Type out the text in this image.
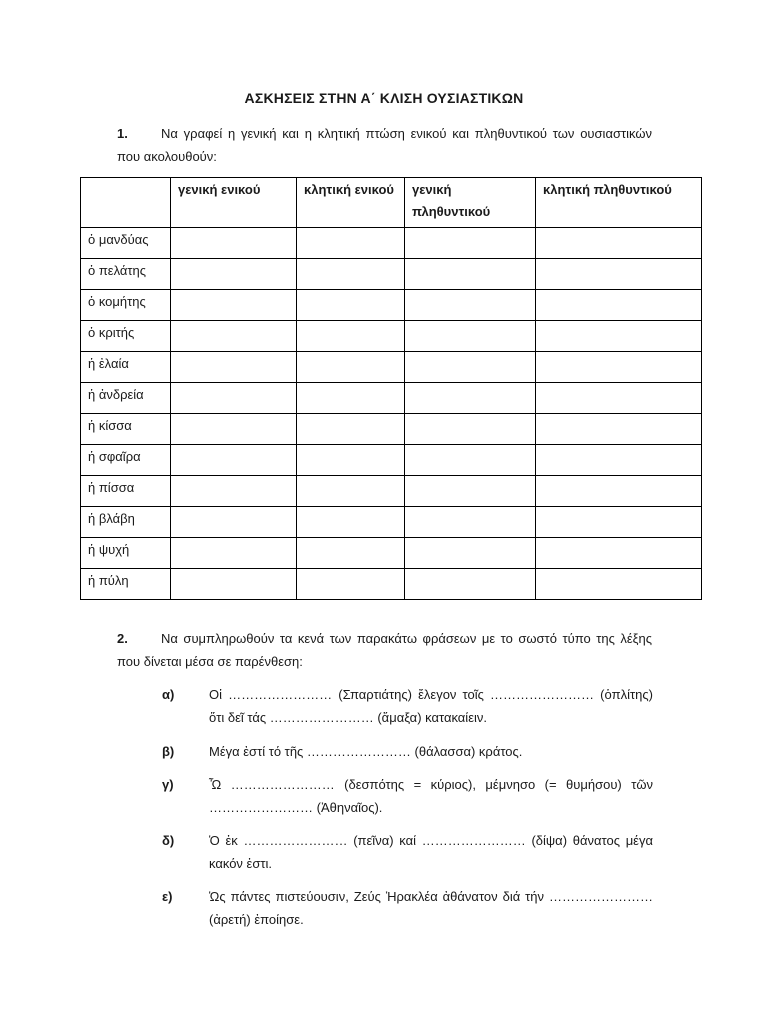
ΑΣΚΗΣΕΙΣ ΣΤΗΝ Α΄ ΚΛΙΣΗ ΟΥΣΙΑΣΤΙΚΩΝ
1.	Να γραφεί η γενική και η κλητική πτώση ενικού και πληθυντικού των ουσιαστικών που ακολουθούν:
	γενική ενικού	κλητική ενικού	γενική πληθυντικού	κλητική πληθυντικού
ὁ μανδύας				
ὁ πελάτης				
ὁ κομήτης				
ὁ κριτής				
ἡ ἐλαία				
ἡ ἀνδρεία				
ἡ κίσσα				
ἡ σφαῖρα				
ἡ πίσσα				
ἡ βλάβη				
ἡ ψυχή				
ἡ πύλη				
2.	Να συμπληρωθούν τα κενά των παρακάτω φράσεων με το σωστό τύπο της λέξης που δίνεται μέσα σε παρένθεση:
α)	Οἱ …………………… (Σπαρτιάτης) ἔλεγον τοῖς …………………… (ὁπλίτης) ὅτι δεῖ τάς …………………… (ἅμαξα) κατακαίειν.
β)	Μέγα ἐστί τό τῆς …………………… (θάλασσα) κράτος.
γ)	Ὦ …………………… (δεσπότης = κύριος), μέμνησο (= θυμήσου) τῶν …………………… (Ἀθηναῖος).
δ)	Ὁ ἐκ …………………… (πεῖνα) καί …………………… (δίψα) θάνατος μέγα κακόν ἐστι.
ε)	Ὡς πάντες πιστεύουσιν, Ζεύς Ἡρακλέα ἀθάνατον διά τήν …………………… (ἀρετή) ἐποίησε.
